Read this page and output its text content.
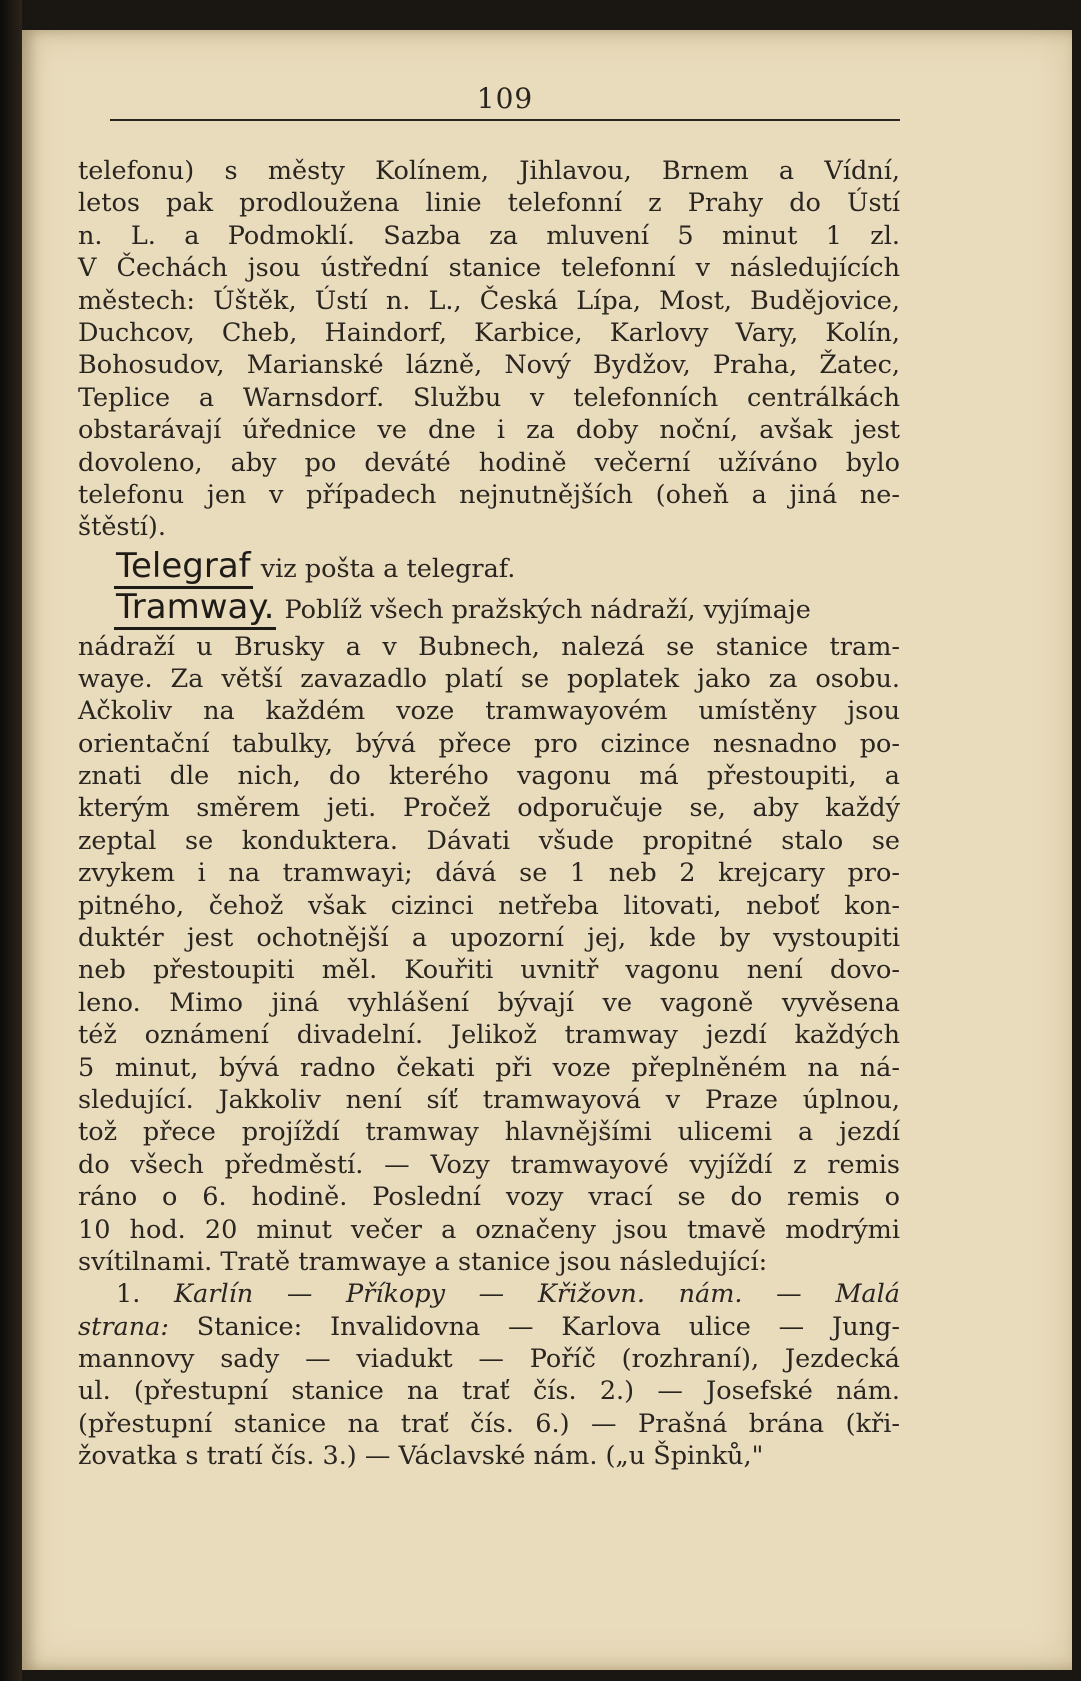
109
telefonu) s městy Kolínem, Jihlavou, Brnem a Vídní,
letos pak prodloužena linie telefonní z Prahy do Ústí
n. L. a Podmoklí. Sazba za mluvení 5 minut 1 zl.
V Čechách jsou ústřední stanice telefonní v následujících
městech: Úštěk, Ústí n. L., Česká Lípa, Most, Budějovice,
Duchcov, Cheb, Haindorf, Karbice, Karlovy Vary, Kolín,
Bohosudov, Marianské lázně, Nový Bydžov, Praha, Žatec,
Teplice a Warnsdorf. Službu v telefonních centrálkách
obstarávají úřednice ve dne i za doby noční, avšak jest
dovoleno, aby po deváté hodině večerní užíváno bylo
telefonu jen v případech nejnutnějších (oheň a jiná ne-
štěstí).
Telegraf viz pošta a telegraf.
Tramway. Poblíž všech pražských nádraží, vyjímaje
nádraží u Brusky a v Bubnech, nalezá se stanice tram-
waye. Za větší zavazadlo platí se poplatek jako za osobu.
Ačkoliv na každém voze tramwayovém umístěny jsou
orientační tabulky, bývá přece pro cizince nesnadno po-
znati dle nich, do kterého vagonu má přestoupiti, a
kterým směrem jeti. Pročež odporučuje se, aby každý
zeptal se konduktera. Dávati všude propitné stalo se
zvykem i na tramwayi; dává se 1 neb 2 krejcary pro-
pitného, čehož však cizinci netřeba litovati, neboť kon-
duktér jest ochotnější a upozorní jej, kde by vystoupiti
neb přestoupiti měl. Kouřiti uvnitř vagonu není dovo-
leno. Mimo jiná vyhlášení bývají ve vagoně vyvěsena
též oznámení divadelní. Jelikož tramway jezdí každých
5 minut, bývá radno čekati při voze přeplněném na ná-
sledující. Jakkoliv není síť tramwayová v Praze úplnou,
tož přece projíždí tramway hlavnějšími ulicemi a jezdí
do všech předměstí. — Vozy tramwayové vyjíždí z remis
ráno o 6. hodině. Poslední vozy vrací se do remis o
10 hod. 20 minut večer a označeny jsou tmavě modrými
svítilnami. Tratě tramwaye a stanice jsou následující:
1. Karlín — Příkopy — Křižovn. nám. — Malá
strana: Stanice: Invalidovna — Karlova ulice — Jung-
mannovy sady — viadukt — Poříč (rozhraní), Jezdecká
ul. (přestupní stanice na trať čís. 2.) — Josefské nám.
(přestupní stanice na trať čís. 6.) — Prašná brána (kři-
žovatka s tratí čís. 3.) — Václavské nám. („u Špinků,"
